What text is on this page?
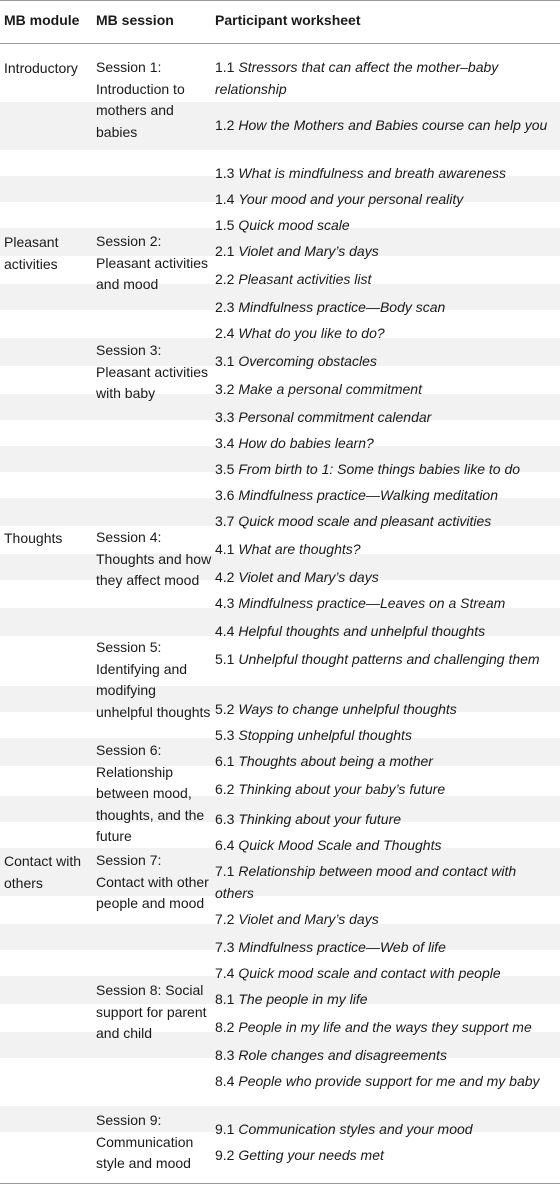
MB module MB session	Participant worksheet
1.1 Stressors that can affect the mother–baby relationship
1.2 How the Mothers and Babies course can help you
1.3 What is mindfulness and breath awareness
1.4 Your mood and your personal reality
1.5 Quick mood scale
2.1 Violet and Mary’s days
2.2 Pleasant activities list
2.3 Mindfulness practice—Body scan
2.4 What do you like to do?
3.1 Overcoming obstacles
3.2 Make a personal commitment
3.3 Personal commitment calendar
3.4 How do babies learn?
3.5 From birth to 1: Some things babies like to do
3.6 Mindfulness practice—Walking meditation
3.7 Quick mood scale and pleasant activities
4.1 What are thoughts?
4.2 Violet and Mary’s days
4.3 Mindfulness practice—Leaves on a Stream
4.4 Helpful thoughts and unhelpful thoughts
5.1 Unhelpful thought patterns and challenging them
5.2 Ways to change unhelpful thoughts
5.3 Stopping unhelpful thoughts
6.1 Thoughts about being a mother
6.2 Thinking about your baby’s future
6.3 Thinking about your future
6.4 Quick Mood Scale and Thoughts
7.1 Relationship between mood and contact with others
7.2 Violet and Mary’s days
7.3 Mindfulness practice—Web of life
7.4 Quick mood scale and contact with people
8.1 The people in my life
8.2 People in my life and the ways they support me
8.3 Role changes and disagreements
8.4 People who provide support for me and my baby
9.1 Communication styles and your mood
9.2 Getting your needs met
Introductory
Pleasant activities
Thoughts
Contact with others
Session 1: Introduction to mothers and babies
Session 2: Pleasant activities and mood
Session 3: Pleasant activities with baby
Session 4: Thoughts and how they affect mood
Session 5: Identifying and modifying unhelpful thoughts
Session 6: Relationship between mood, thoughts, and the future
Session 7: Contact with other people and mood
Session 8: Social support for parent and child
Session 9: Communication style and mood
